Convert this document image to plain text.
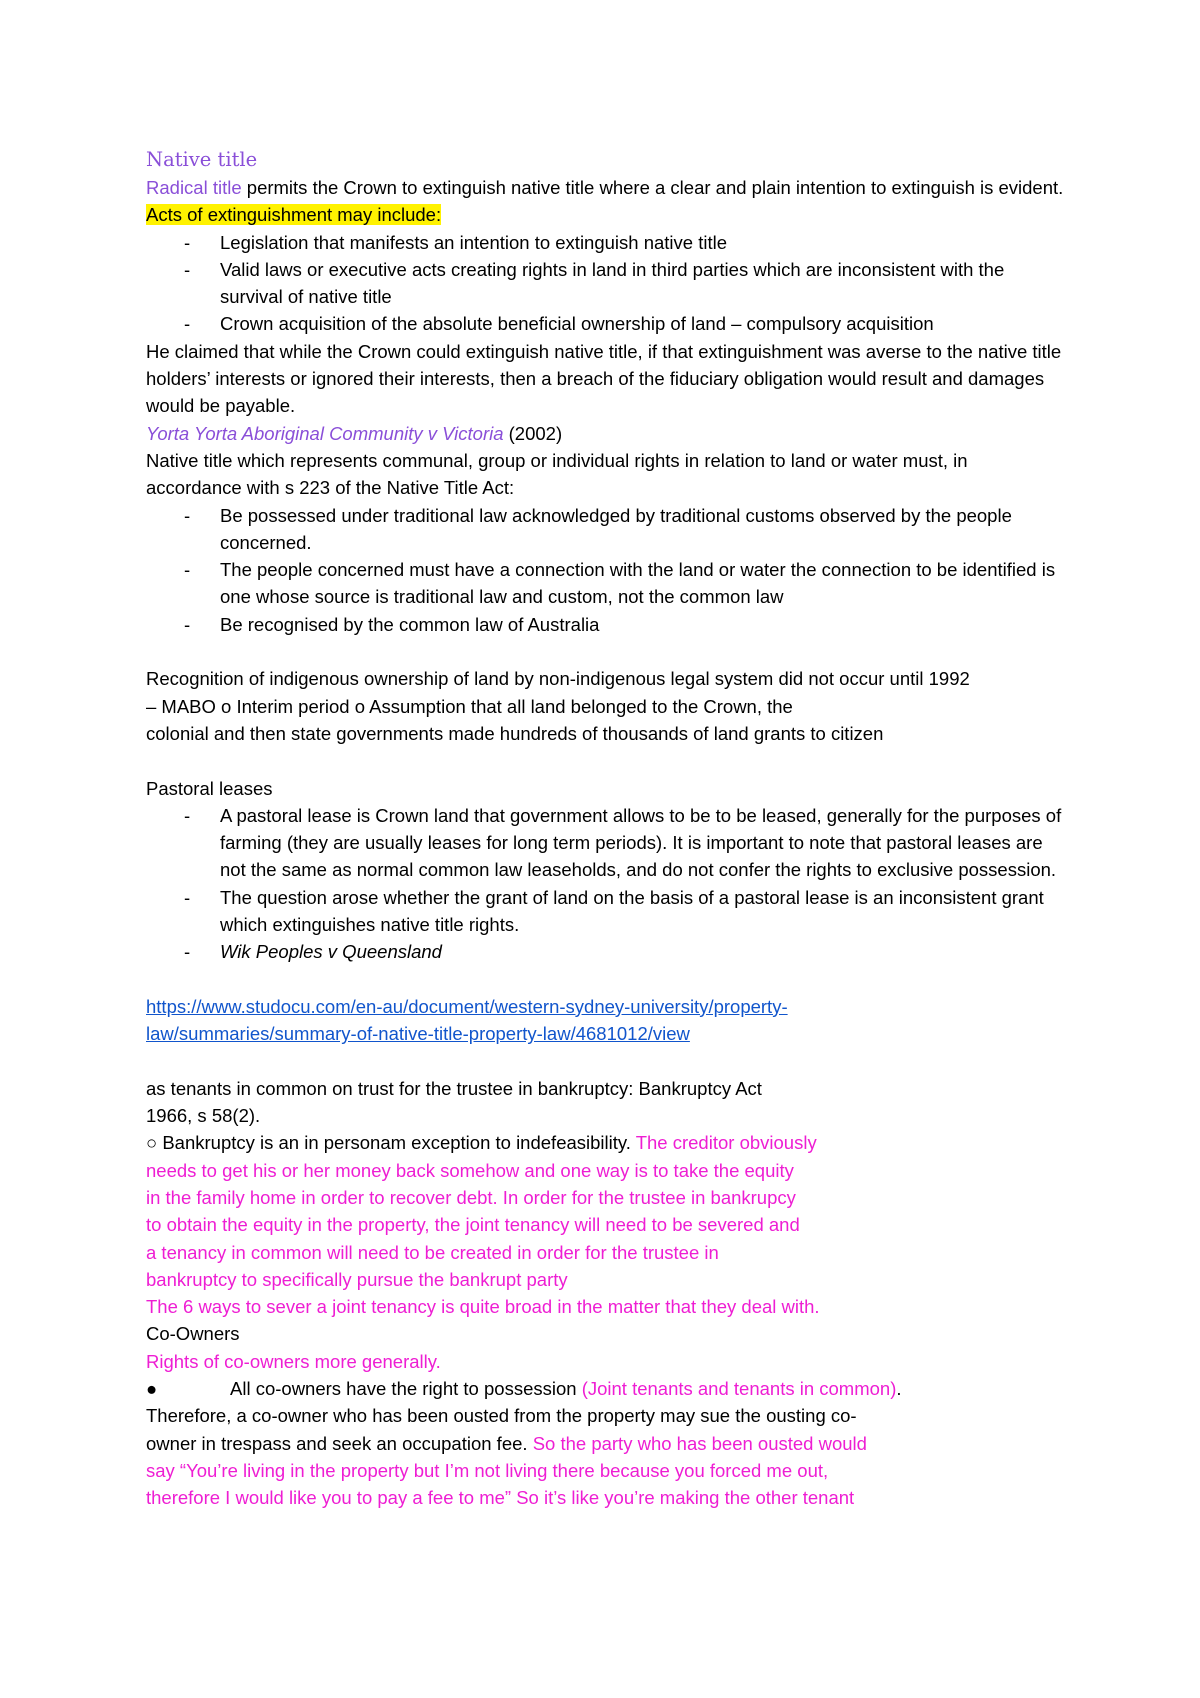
Native title

Radical title permits the Crown to extinguish native title where a clear and plain intention to extinguish is evident. Acts of extinguishment may include:

- Legislation that manifests an intention to extinguish native title
- Valid laws or executive acts creating rights in land in third parties which are inconsistent with the survival of native title
- Crown acquisition of the absolute beneficial ownership of land – compulsory acquisition

He claimed that while the Crown could extinguish native title, if that extinguishment was averse to the native title holders’ interests or ignored their interests, then a breach of the fiduciary obligation would result and damages would be payable.

Yorta Yorta Aboriginal Community v Victoria (2002)

Native title which represents communal, group or individual rights in relation to land or water must, in accordance with s 223 of the Native Title Act:

- Be possessed under traditional law acknowledged by traditional customs observed by the people concerned.
- The people concerned must have a connection with the land or water the connection to be identified is one whose source is traditional law and custom, not the common law
- Be recognised by the common law of Australia

Recognition of indigenous ownership of land by non-indigenous legal system did not occur until 1992

– MABO o Interim period o Assumption that all land belonged to the Crown, the

colonial and then state governments made hundreds of thousands of land grants to citizen

Pastoral leases

- A pastoral lease is Crown land that government allows to be to be leased, generally for the purposes of farming (they are usually leases for long term periods). It is important to note that pastoral leases are not the same as normal common law leaseholds, and do not confer the rights to exclusive possession.
- The question arose whether the grant of land on the basis of a pastoral lease is an inconsistent grant which extinguishes native title rights.
- Wik Peoples v Queensland

https://www.studocu.com/en-au/document/western-sydney-university/property-

law/summaries/summary-of-native-title-property-law/4681012/view

as tenants in common on trust for the trustee in bankruptcy: Bankruptcy Act

1966, s 58(2).

○ Bankruptcy is an in personam exception to indefeasibility. The creditor obviously

needs to get his or her money back somehow and one way is to take the equity

in the family home in order to recover debt. In order for the trustee in bankrupcy

to obtain the equity in the property, the joint tenancy will need to be severed and

a tenancy in common will need to be created in order for the trustee in

bankruptcy to specifically pursue the bankrupt party

The 6 ways to sever a joint tenancy is quite broad in the matter that they deal with.

Co-Owners

Rights of co-owners more generally.

●	All co-owners have the right to possession (Joint tenants and tenants in common).

Therefore, a co-owner who has been ousted from the property may sue the ousting co-

owner in trespass and seek an occupation fee. So the party who has been ousted would

say “You’re living in the property but I’m not living there because you forced me out,

therefore I would like you to pay a fee to me” So it’s like you’re making the other tenant
